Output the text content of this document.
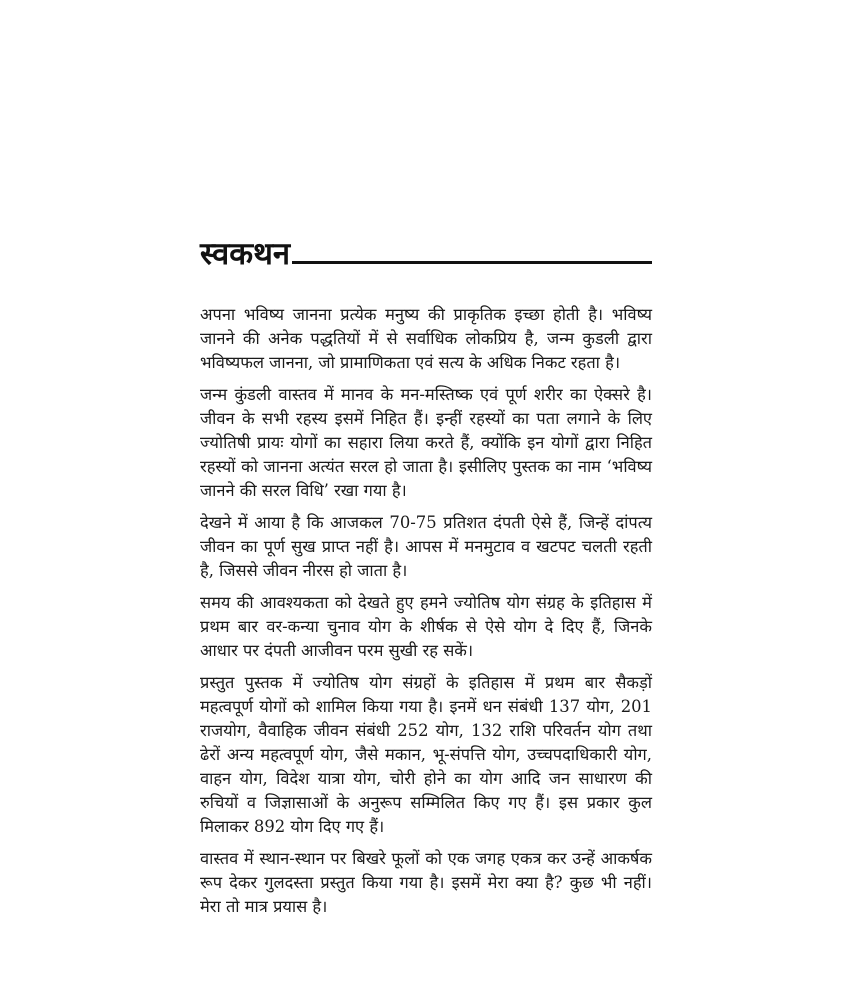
स्वकथन

अपना भविष्य जानना प्रत्येक मनुष्य की प्राकृतिक इच्छा होती है। भविष्य जानने की अनेक पद्धतियों में से सर्वाधिक लोकप्रिय है, जन्म कुडली द्वारा भविष्यफल जानना, जो प्रामाणिकता एवं सत्य के अधिक निकट रहता है।

जन्म कुंडली वास्तव में मानव के मन-मस्तिष्क एवं पूर्ण शरीर का ऐक्सरे है। जीवन के सभी रहस्य इसमें निहित हैं। इन्हीं रहस्यों का पता लगाने के लिए ज्योतिषी प्रायः योगों का सहारा लिया करते हैं, क्योंकि इन योगों द्वारा निहित रहस्यों को जानना अत्यंत सरल हो जाता है। इसीलिए पुस्तक का नाम ‘भविष्य जानने की सरल विधि’ रखा गया है।

देखने में आया है कि आजकल 70-75 प्रतिशत दंपती ऐसे हैं, जिन्हें दांपत्य जीवन का पूर्ण सुख प्राप्त नहीं है। आपस में मनमुटाव व खटपट चलती रहती है, जिससे जीवन नीरस हो जाता है।

समय की आवश्यकता को देखते हुए हमने ज्योतिष योग संग्रह के इतिहास में प्रथम बार वर-कन्या चुनाव योग के शीर्षक से ऐसे योग दे दिए हैं, जिनके आधार पर दंपती आजीवन परम सुखी रह सकें।

प्रस्तुत पुस्तक में ज्योतिष योग संग्रहों के इतिहास में प्रथम बार सैकड़ों महत्वपूर्ण योगों को शामिल किया गया है। इनमें धन संबंधी 137 योग, 201 राजयोग, वैवाहिक जीवन संबंधी 252 योग, 132 राशि परिवर्तन योग तथा ढेरों अन्य महत्वपूर्ण योग, जैसे मकान, भू-संपत्ति योग, उच्चपदाधिकारी योग, वाहन योग, विदेश यात्रा योग, चोरी होने का योग आदि जन साधारण की रुचियों व जिज्ञासाओं के अनुरूप सम्मिलित किए गए हैं। इस प्रकार कुल मिलाकर 892 योग दिए गए हैं।

वास्तव में स्थान-स्थान पर बिखरे फूलों को एक जगह एकत्र कर उन्हें आकर्षक रूप देकर गुलदस्ता प्रस्तुत किया गया है। इसमें मेरा क्या है? कुछ भी नहीं। मेरा तो मात्र प्रयास है।
